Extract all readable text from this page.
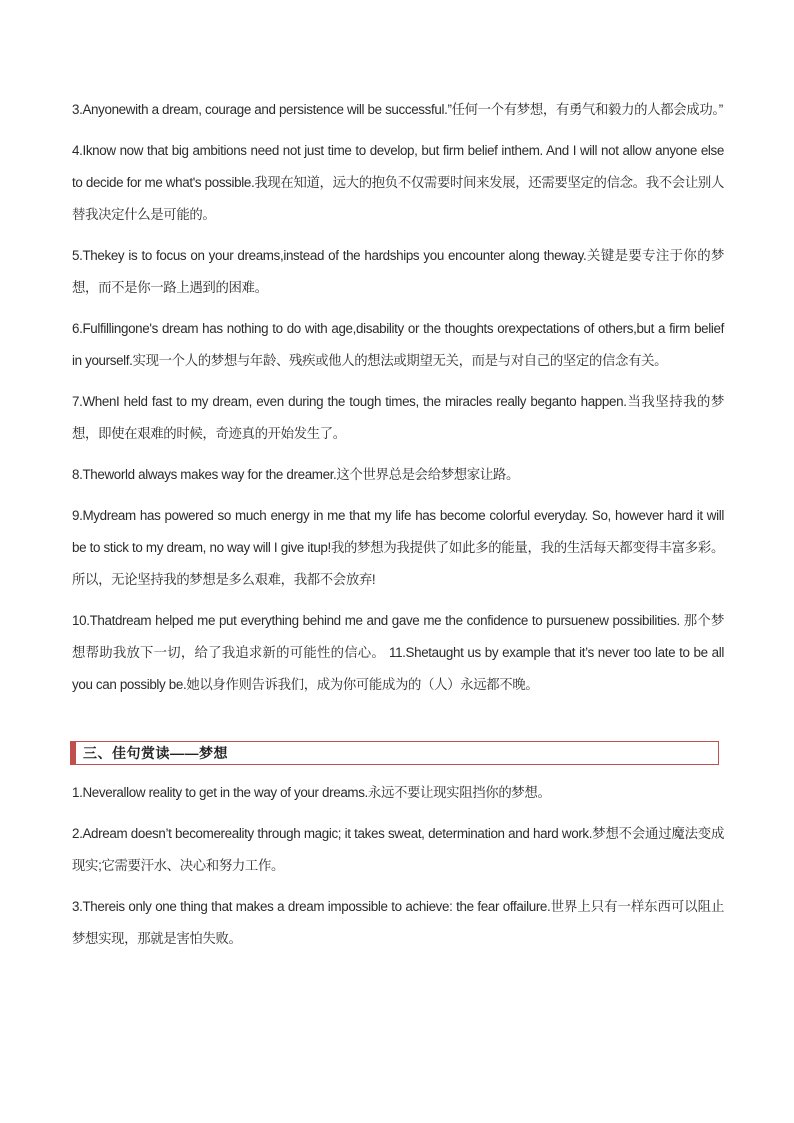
3.Anyonewith a dream, courage and persistence will be successful.”任何一个有梦想，有勇气和毅力的人都会成功。”

4.Iknow now that big ambitions need not just time to develop, but firm belief inthem. And I will not allow anyone else to decide for me what's possible.我现在知道，远大的抱负不仅需要时间来发展，还需要坚定的信念。我不会让别人替我决定什么是可能的。

5.Thekey is to focus on your dreams,instead of the hardships you encounter along theway.关键是要专注于你的梦想，而不是你一路上遇到的困难。

6.Fulfillingone's dream has nothing to do with age,disability or the thoughts orexpectations of others,but a firm belief in yourself.实现一个人的梦想与年龄、残疾或他人的想法或期望无关，而是与对自己的坚定的信念有关。

7.WhenI held fast to my dream, even during the tough times, the miracles really beganto happen.当我坚持我的梦想，即使在艰难的时候，奇迹真的开始发生了。

8.Theworld always makes way for the dreamer.这个世界总是会给梦想家让路。

9.Mydream has powered so much energy in me that my life has become colorful everyday. So, however hard it will be to stick to my dream, no way will I give itup!我的梦想为我提供了如此多的能量，我的生活每天都变得丰富多彩。所以，无论坚持我的梦想是多么艰难，我都不会放弃!

10.Thatdream helped me put everything behind me and gave me the confidence to pursuenew possibilities. 那个梦想帮助我放下一切，给了我追求新的可能性的信心。 11.Shetaught us by example that it’s never too late to be all you can possibly be.她以身作则告诉我们，成为你可能成为的（人）永远都不晚。

三、佳句赏读——梦想

1.Neverallow reality to get in the way of your dreams.永远不要让现实阻挡你的梦想。

2.Adream doesn’t becomereality through magic; it takes sweat, determination and hard work.梦想不会通过魔法变成现实;它需要汗水、决心和努力工作。

3.Thereis only one thing that makes a dream impossible to achieve: the fear offailure.世界上只有一样东西可以阻止梦想实现，那就是害怕失败。
